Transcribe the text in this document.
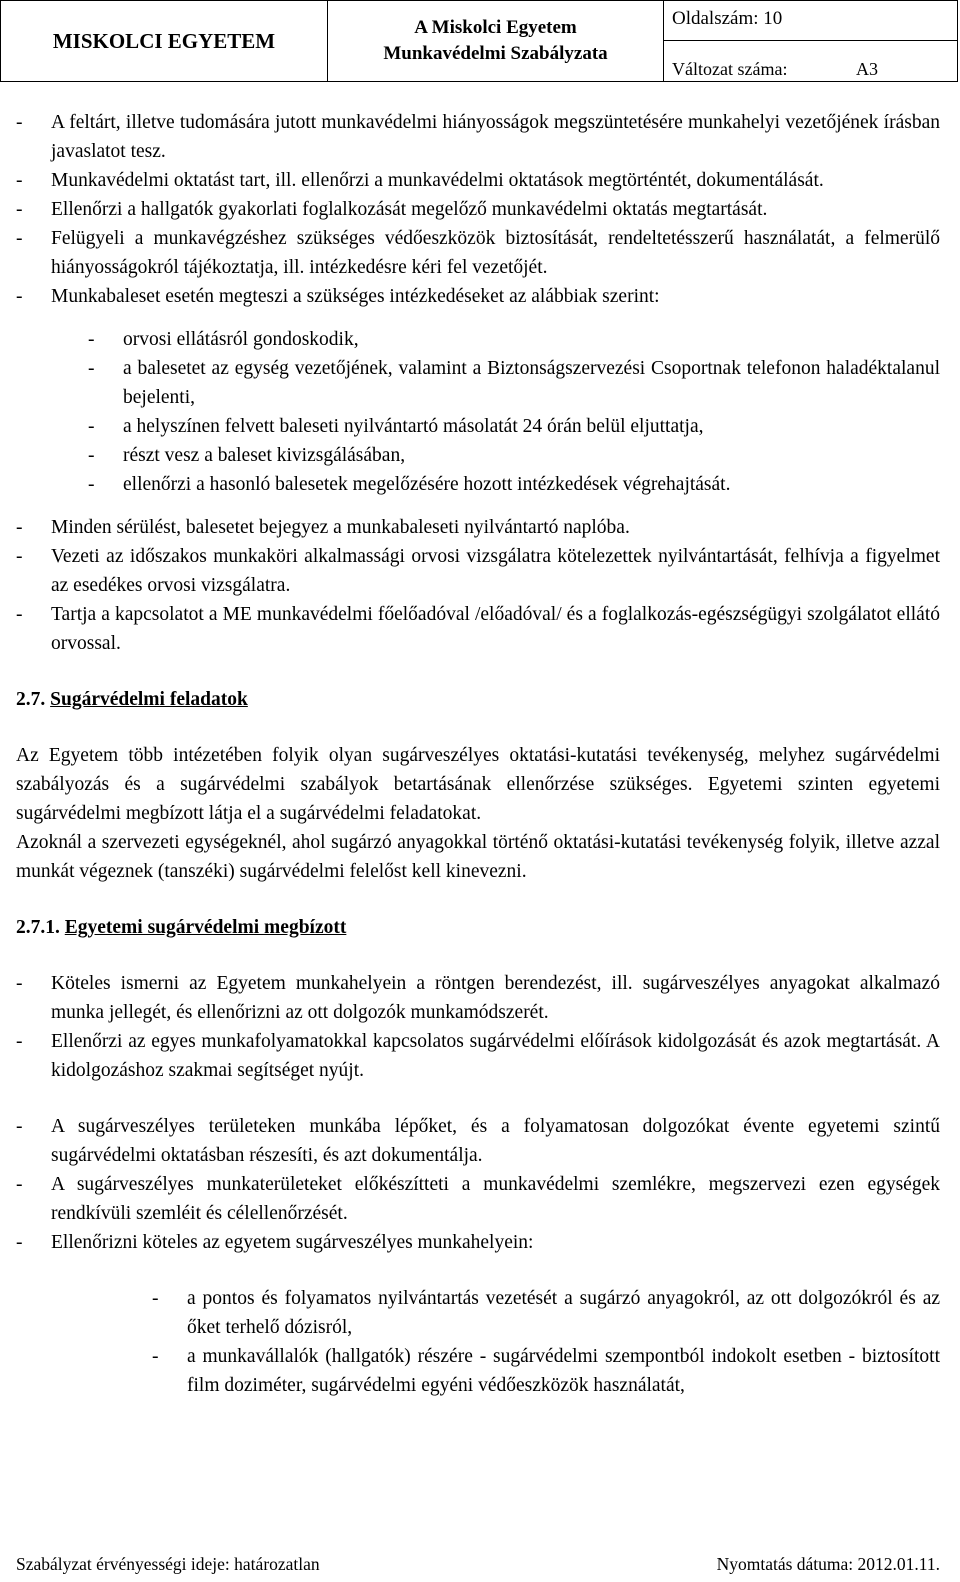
MISKOLCI EGYETEM
A Miskolci Egyetem
Munkavédelmi Szabályzata
Oldalszám: 10
Változat száma:	A3
-	A feltárt, illetve tudomására jutott munkavédelmi hiányosságok megszüntetésére munkahelyi vezetőjének írásban javaslatot tesz.
-	Munkavédelmi oktatást tart, ill. ellenőrzi a munkavédelmi oktatások megtörténtét, dokumentálását.
-	Ellenőrzi a hallgatók gyakorlati foglalkozását megelőző munkavédelmi oktatás megtartását.
-	Felügyeli a munkavégzéshez szükséges védőeszközök biztosítását, rendeltetésszerű használatát, a felmerülő hiányosságokról tájékoztatja, ill. intézkedésre kéri fel vezetőjét.
-	Munkabaleset esetén megteszi a szükséges intézkedéseket az alábbiak szerint:
-	orvosi ellátásról gondoskodik,
-	a balesetet az egység vezetőjének, valamint a Biztonságszervezési Csoportnak telefonon haladéktalanul bejelenti,
-	a helyszínen felvett baleseti nyilvántartó másolatát 24 órán belül eljuttatja,
-	részt vesz a baleset kivizsgálásában,
-	ellenőrzi a hasonló balesetek megelőzésére hozott intézkedések végrehajtását.
-	Minden sérülést, balesetet bejegyez a munkabaleseti nyilvántartó naplóba.
-	Vezeti az időszakos munkaköri alkalmassági orvosi vizsgálatra kötelezettek nyilvántartását, felhívja a figyelmet az esedékes orvosi vizsgálatra.
-	Tartja a kapcsolatot a ME munkavédelmi főelőadóval /előadóval/ és a foglalkozás-egészségügyi szolgálatot ellátó orvossal.

2.7. Sugárvédelmi feladatok

Az Egyetem több intézetében folyik olyan sugárveszélyes oktatási-kutatási tevékenység, melyhez sugárvédelmi szabályozás és a sugárvédelmi szabályok betartásának ellenőrzése szükséges. Egyetemi szinten egyetemi sugárvédelmi megbízott látja el a sugárvédelmi feladatokat.

Azoknál a szervezeti egységeknél, ahol sugárzó anyagokkal történő oktatási-kutatási tevékenység folyik, illetve azzal munkát végeznek (tanszéki) sugárvédelmi felelőst kell kinevezni.

2.7.1. Egyetemi sugárvédelmi megbízott

-	Köteles ismerni az Egyetem munkahelyein a röntgen berendezést, ill. sugárveszélyes anyagokat alkalmazó munka jellegét, és ellenőrizni az ott dolgozók munkamódszerét.
-	Ellenőrzi az egyes munkafolyamatokkal kapcsolatos sugárvédelmi előírások kidolgozását és azok megtartását. A kidolgozáshoz szakmai segítséget nyújt.
-	A sugárveszélyes területeken munkába lépőket, és a folyamatosan dolgozókat évente egyetemi szintű sugárvédelmi oktatásban részesíti, és azt dokumentálja.
-	A sugárveszélyes munkaterületeket előkészítteti a munkavédelmi szemlékre, megszervezi ezen egységek rendkívüli szemléit és célellenőrzését.
-	Ellenőrizni köteles az egyetem sugárveszélyes munkahelyein:
-	a pontos és folyamatos nyilvántartás vezetését a sugárzó anyagokról, az ott dolgozókról és az őket terhelő dózisról,
-	a munkavállalók (hallgatók) részére - sugárvédelmi szempontból indokolt esetben - biztosított film doziméter, sugárvédelmi egyéni védőeszközök használatát,
Szabályzat érvényességi ideje: határozatlan	Nyomtatás dátuma: 2012.01.11.
